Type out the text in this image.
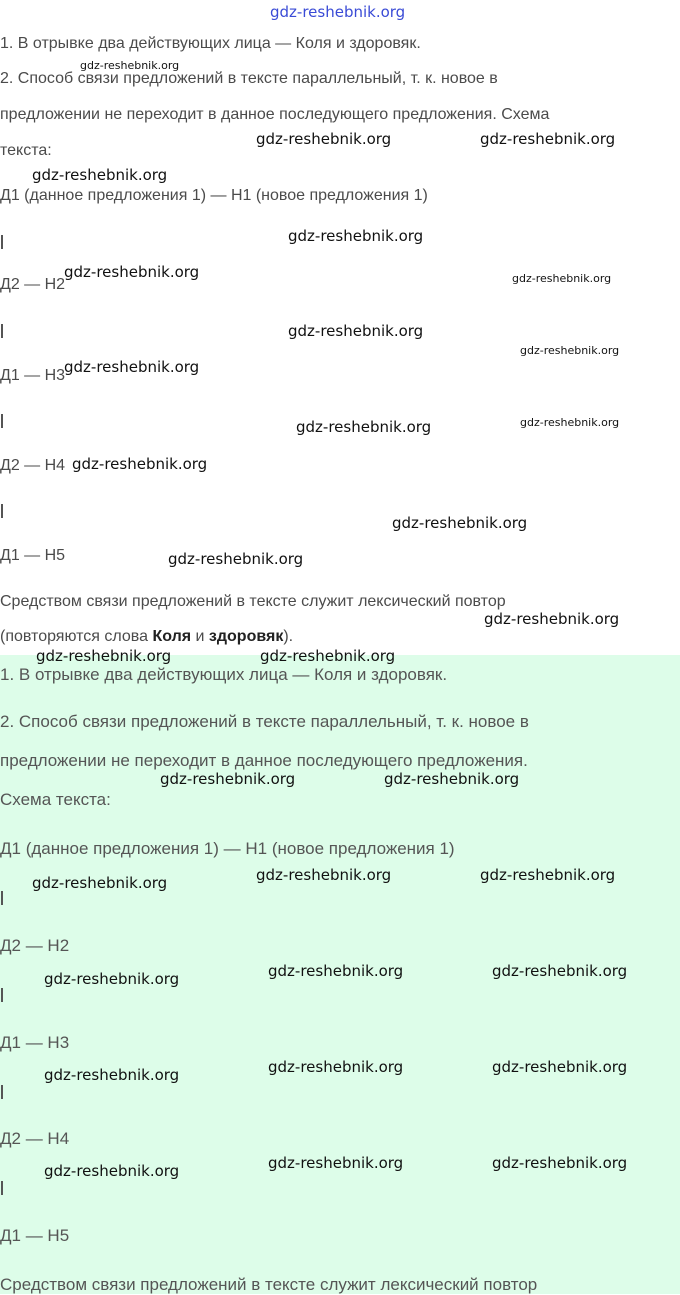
gdz-reshebnik.org

1. В отрывке два действующих лица — Коля и здоровяк.

2. Способ связи предложений в тексте параллельный, т. к. новое в

предложении не переходит в данное последующего предложения. Схема

текста:

Д1 (данное предложения 1) — Н1 (новое предложения 1)

Д2 — Н2

Д1 — Н3

Д2 — Н4

Д1 — Н5

Средством связи предложений в тексте служит лексический повтор

(повторяются слова Коля и здоровяк).

gdz-reshebnik.org
gdz-reshebnik.org	gdz-reshebnik.org
gdz-reshebnik.org
gdz-reshebnik.org
gdz-reshebnik.org	gdz-reshebnik.org
gdz-reshebnik.org
gdz-reshebnik.org
gdz-reshebnik.org
gdz-reshebnik.org	gdz-reshebnik.org
gdz-reshebnik.org
gdz-reshebnik.org
gdz-reshebnik.org
gdz-reshebnik.org

1. В отрывке два действующих лица — Коля и здоровяк.

2. Способ связи предложений в тексте параллельный, т. к. новое в

предложении не переходит в данное последующего предложения.

Схема текста:

Д1 (данное предложения 1) — Н1 (новое предложения 1)

Д2 — Н2

Д1 — Н3

Д2 — Н4

Д1 — Н5

Средством связи предложений в тексте служит лексический повтор

gdz-reshebnik.org	gdz-reshebnik.org
gdz-reshebnik.org	gdz-reshebnik.org
gdz-reshebnik.org	gdz-reshebnik.org	gdz-reshebnik.org
gdz-reshebnik.org	gdz-reshebnik.org	gdz-reshebnik.org
gdz-reshebnik.org	gdz-reshebnik.org	gdz-reshebnik.org
gdz-reshebnik.org	gdz-reshebnik.org	gdz-reshebnik.org
